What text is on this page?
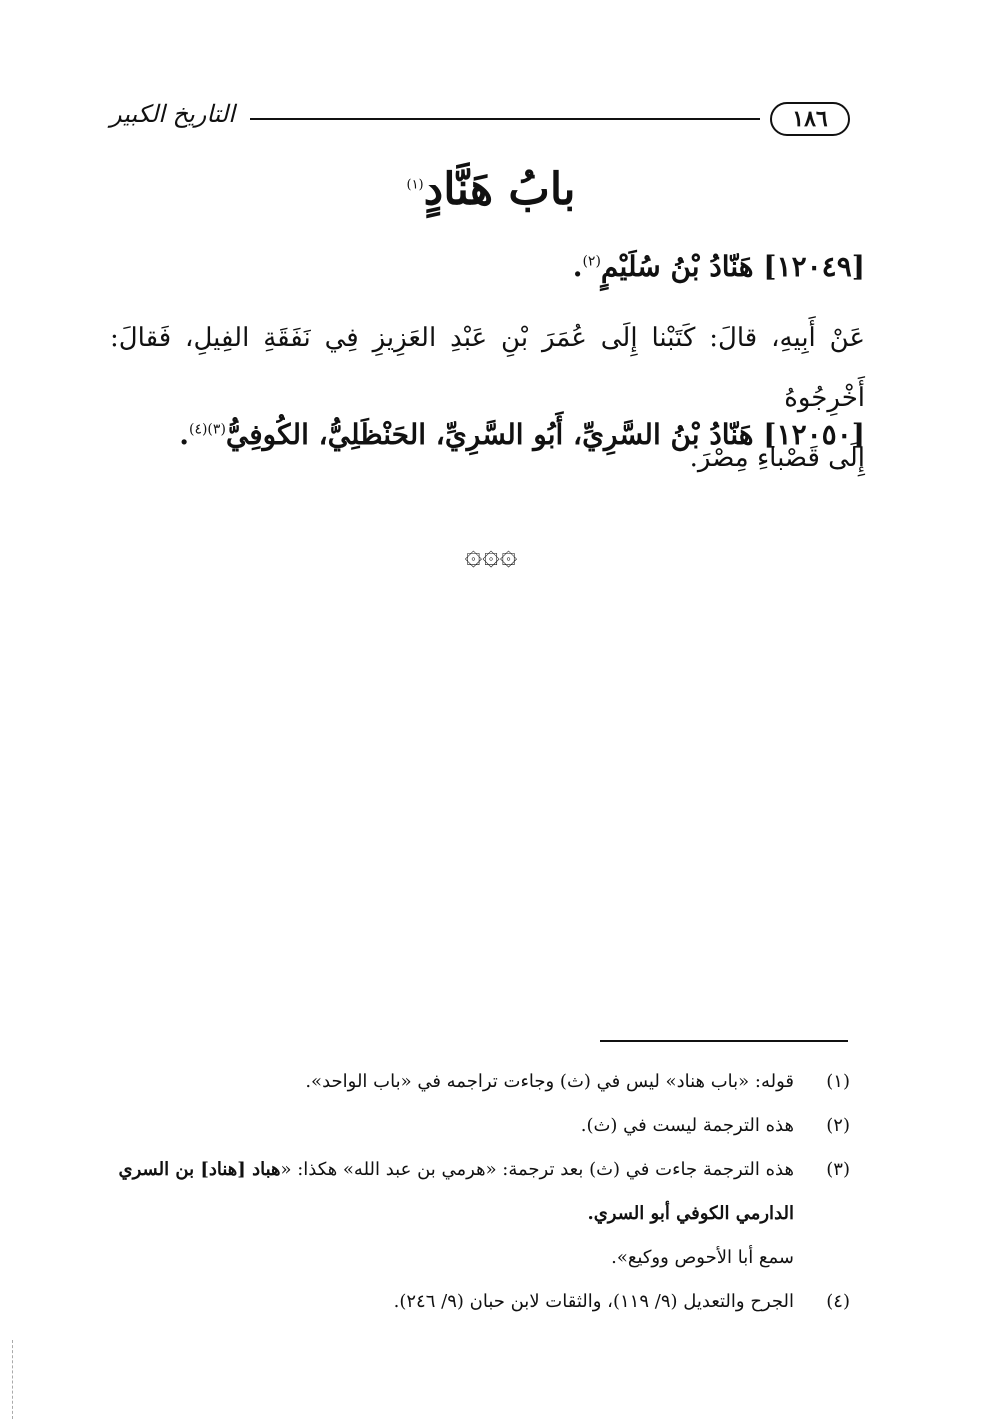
التاريخ الكبير	١٨٦
بابُ هَنَّادٍ$^{(١)}$
[١٢٠٤٩] هَنّادُ بْنُ سُلَيْمٍ$^{(٢)}$.
عَنْ أَبِيهِ، قالَ: كَتَبْنا إِلَى عُمَرَ بْنِ عَبْدِ العَزِيزِ فِي نَفَقَةِ الفِيلِ، فَقالَ: أَخْرِجُوهُ
إِلَى قَصْباءِ مِصْرَ.
[١٢٠٥٠] هَنّادُ بْنُ السَّرِيِّ، أَبُو السَّرِيِّ، الحَنْظَلِيُّ، الكُوفِيُّ$^{(٣)(٤)}$.
۞۞۞
(١)
قوله: «باب هناد» ليس في (ث) وجاءت تراجمه في «باب الواحد».
(٢)
هذه الترجمة ليست في (ث).
(٣)
هذه الترجمة جاءت في (ث) بعد ترجمة: «هرمي بن عبد الله» هكذا: «هباد [هناد] بن السري الدارمي الكوفي أبو السري.
سمع أبا الأحوص ووكيع».
(٤)
الجرح والتعديل (٩/ ١١٩)، والثقات لابن حبان (٩/ ٢٤٦).
